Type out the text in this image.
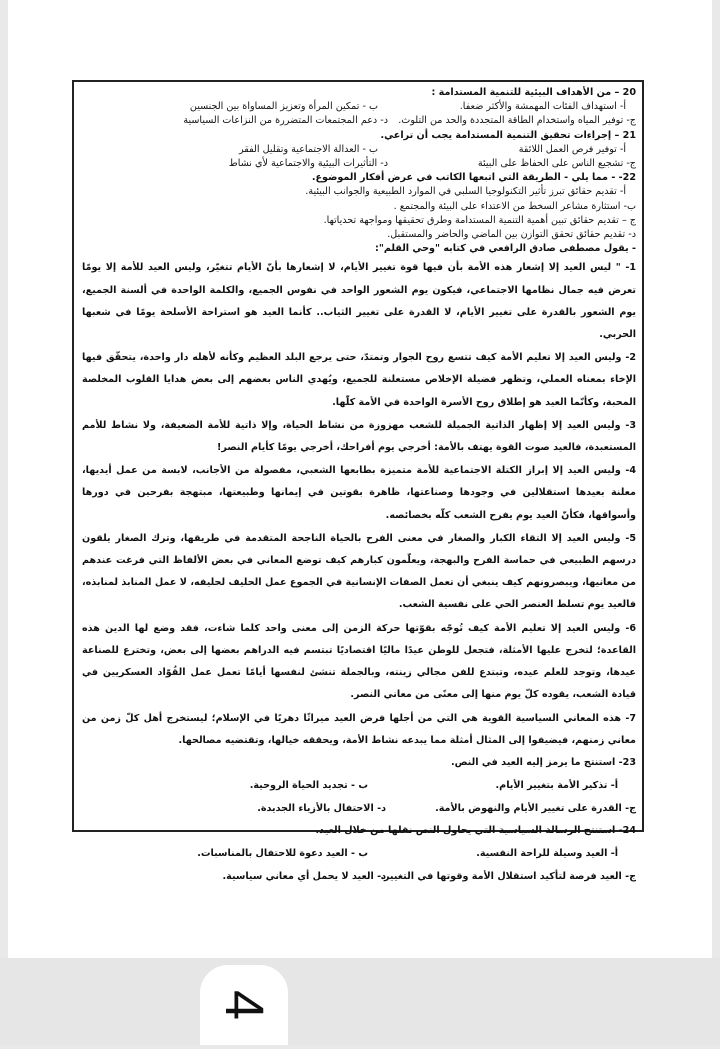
20 – من الأهداف البيئية للتنمية المستدامة :
أ- استهداف الفئات المهمشة والأكثر ضعفا.
ب - تمكين المرأة وتعزيز المساواة بين الجنسين
ج- توفير المياه واستخدام الطاقة المتجددة والحد من التلوث.
د- دعم المجتمعات المتضررة من النزاعات السياسية
21 – إجراءات تحقيق التنمية المستدامة يجب أن تراعي.
أ- توفير فرص العمل اللائقة
ب - العدالة الاجتماعية وتقليل الفقر
ج- تشجيع الناس على الحفاظ على البيئة
د- التأثيرات البيئية والاجتماعية لأي نشاط
22- - مما يلي - الطريقة التي اتبعها الكاتب في عرض أفكار الموضوع.
أ- تقديم حقائق تبرز تأثير التكنولوجيا السلبي في الموارد الطبيعية والجوانب البيئية.
ب- استثارة مشاعر السخط من الاعتداء على البيئة والمجتمع .
ج – تقديم حقائق تبين أهمية التنمية المستدامة وطرق تحقيقها ومواجهة تحدياتها.
د- تقديم حقائق تحقق التوازن بين الماضي والحاضر والمستقبل.
- يقول مصطفى صادق الرافعي في كتابه "وحي القلم":
1- " ليس العيد إلا إشعار هذه الأمة بأن فيها قوة تغيير الأيام، لا إشعارها بأنّ الأيام تتغيّر، وليس العيد للأمة إلا يومًا تعرض فيه جمال نظامها الاجتماعي، فيكون يوم الشعور الواحد في نفوس الجميع، والكلمة الواحدة في ألسنة الجميع، يوم الشعور بالقدرة على تغيير الأيام، لا القدرة على تغيير الثياب.. كأنما العيد هو استراحة الأسلحة يومًا في شعبها الحربي.
2- وليس العيد إلا تعليم الأمة كيف تتسع روح الجوار وتمتدّ، حتى يرجع البلد العظيم وكأنه لأهله دار واحدة، يتحقّق فيها الإخاء بمعناه العملي، وتظهر فضيلة الإخلاص مستعلنة للجميع، ويُهدي الناس بعضهم إلى بعض هدايا القلوب المخلصة المحبة، وكأنّما العيد هو إطلاق روح الأسرة الواحدة في الأمة كلّها.
3- وليس العيد إلا إظهار الذاتية الجميلة للشعب مهزوزة من نشاط الحياة، وإلا ذاتية للأمة الضعيفة، ولا نشاط للأمم المستعبدة، فالعيد صوت القوة يهتف بالأمة: أخرجي يوم أفراحك، أخرجي يومًا كأيام النصر!
4- وليس العيد إلا إبراز الكتلة الاجتماعية للأمة متميزة بطابعها الشعبي، مفصولة من الأجانب، لابسة من عمل أيديها، معلنة بعيدها استقلالين في وجودها وصناعتها، ظاهرة بقوتين في إيمانها وطبيعتها، مبتهجة بفرحين في دورها وأسواقها، فكأنّ العيد يوم يفرح الشعب كلّه بخصائصه.
5- وليس العيد إلا التقاء الكبار والصغار في معنى الفرح بالحياة الناجحة المتقدمة في طريقها، وترك الصغار يلقون درسهم الطبيعي في حماسة الفرح والبهجة، ويعلّمون كبارهم كيف توضع المعاني في بعض الألفاظ التي فرغت عندهم من معانيها، ويبصرونهم كيف ينبغي أن تعمل الصفات الإنسانية في الجموع عمل الحليف لحليفه، لا عمل المنابذ لمنابذه، فالعيد يوم تسلط العنصر الحي على نفسية الشعب.
6- وليس العيد إلا تعليم الأمة كيف تُوجّه بقوّتها حركة الزمن إلى معنى واحد كلما شاءت، فقد وضع لها الدين هذه القاعدة؛ لتخرج عليها الأمثلة، فتجعل للوطن عيدًا ماليًا اقتصاديًا تبتسم فيه الدراهم بعضها إلى بعض، وتخترع للصناعة عيدها، وتوجد للعلم عيده، وتبتدع للفن مجالي زينته، وبالجملة تنشئ لنفسها أيامًا تعمل عمل القُوّاد العسكريين في قيادة الشعب، يقوده كلّ يوم منها إلى معنًى من معاني النصر.
7- هذه المعاني السياسية القوية هي التي من أجلها فرض العيد ميراثًا دهريًا في الإسلام؛ ليستخرج أهل كلّ زمن من معاني زمنهم، فيضيفوا إلى المثال أمثلة مما يبدعه نشاط الأمة، ويحققه خيالها، وتقتضيه مصالحها.
23- استنتج ما يرمز إليه العيد في النص.
أ- تذكير الأمة بتغيير الأيام.
ب - تجديد الحياة الروحية.
ج- القدرة على تغيير الأيام والنهوض بالأمة.
د- الاحتفال بالأزياء الجديدة.
24- استنتج الرسالة السياسية التي يحاول النص نقلها من خلال العيد.
أ- العيد وسيلة للراحة النفسية.
ب - العيد دعوة للاحتفال بالمناسبات.
ج- العيد فرصة لتأكيد استقلال الأمة وقوتها في التغيير.
د- العيد لا يحمل أي معاني سياسية.
4
